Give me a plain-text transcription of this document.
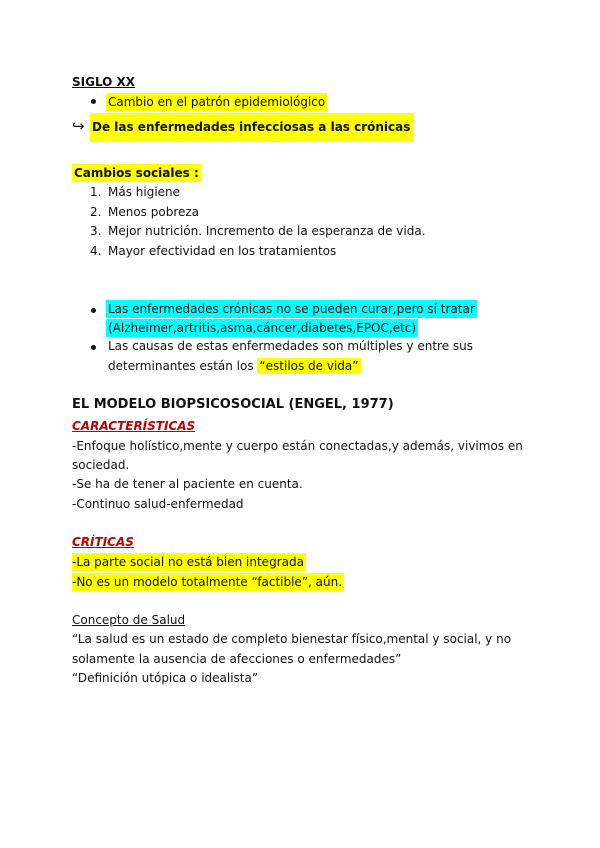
SIGLO XX
Cambio en el patrón epidemiológico
↪ De las enfermedades infecciosas a las crónicas
Cambios sociales :
1. Más higiene
2. Menos pobreza
3. Mejor nutrición. Incremento de la esperanza de vida.
4. Mayor efectividad en los tratamientos
Las enfermedades crónicas no se pueden curar,pero sí tratar
(Alzheimer,artritis,asma,cáncer,diabetes,EPOC,etc)
Las causas de estas enfermedades son múltiples y entre sus
determinantes están los “estilos de vida”
EL MODELO BIOPSICOSOCIAL (ENGEL, 1977)
CARACTERÍSTICAS
-Enfoque holístico,mente y cuerpo están conectadas,y además, vivimos en
sociedad.
-Se ha de tener al paciente en cuenta.
-Continuo salud-enfermedad
CRÍTICAS
-La parte social no está bien integrada
-No es un modelo totalmente “factible”, aún.
Concepto de Salud
“La salud es un estado de completo bienestar físico,mental y social, y no
solamente la ausencia de afecciones o enfermedades”
“Definición utópica o idealista”
